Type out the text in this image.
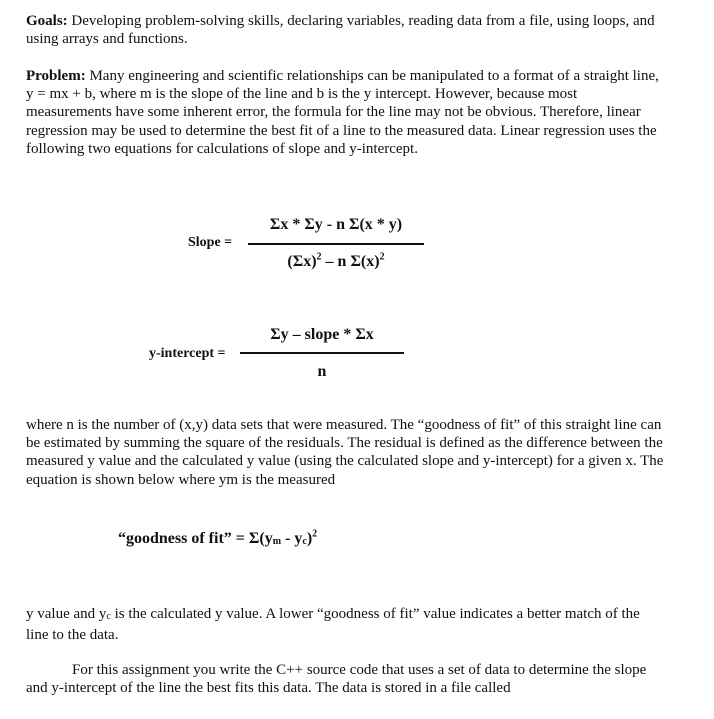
Goals: Developing problem-solving skills, declaring variables, reading data from a file, using loops, and using arrays and functions.

Problem: Many engineering and scientific relationships can be manipulated to a format of a straight line, y = mx + b, where m is the slope of the line and b is the y intercept. However, because most measurements have some inherent error, the formula for the line may not be obvious. Therefore, linear regression may be used to determine the best fit of a line to the measured data. Linear regression uses the following two equations for calculations of slope and y-intercept.

Slope =
Σx * Σy - n Σ(x * y)
$(\Sigma x)^2$ – n $\Sigma(x)^2$
y-intercept =
Σy – slope * Σx
n

where n is the number of (x,y) data sets that were measured. The “goodness of fit” of this straight line can be estimated by summing the square of the residuals. The residual is defined as the difference between the measured y value and the calculated y value (using the calculated slope and y-intercept) for a given x. The equation is shown below where ym is the measured

“goodness of fit” = $\Sigma(y_m - y_c)^2$

y value and $y_c$ is the calculated y value. A lower “goodness of fit” value indicates a better match of the line to the data.

For this assignment you write the C++ source code that uses a set of data to determine the slope and y-intercept of the line the best fits this data. The data is stored in a file called
